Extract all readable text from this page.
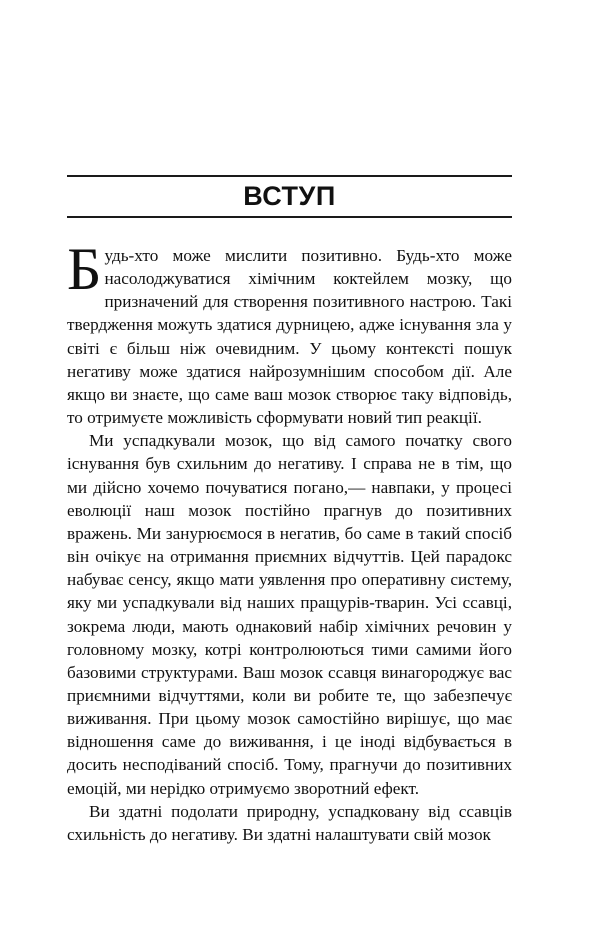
ВСТУП

Будь-хто може мислити позитивно. Будь-хто може насолоджуватися хімічним коктейлем мозку, що призначений для створення позитивного настрою. Такі твердження можуть здатися дурницею, адже існування зла у світі є більш ніж очевидним. У цьому контексті пошук негативу може здатися найрозумнішим способом дії. Але якщо ви знаєте, що саме ваш мозок створює таку відповідь, то отримуєте можливість сформувати новий тип реакції.

Ми успадкували мозок, що від самого початку свого існування був схильним до негативу. І справа не в тім, що ми дійсно хочемо почуватися погано,— навпаки, у процесі еволюції наш мозок постійно прагнув до позитивних вражень. Ми занурюємося в негатив, бо саме в такий спосіб він очікує на отримання приємних відчуттів. Цей парадокс набуває сенсу, якщо мати уявлення про оперативну систему, яку ми успадкували від наших пращурів-тварин. Усі ссавці, зокрема люди, мають однаковий набір хімічних речовин у головному мозку, котрі контролюються тими самими його базовими структурами. Ваш мозок ссавця винагороджує вас приємними відчуттями, коли ви робите те, що забезпечує виживання. При цьому мозок самостійно вирішує, що має відношення саме до виживання, і це іноді відбувається в досить несподіваний спосіб. Тому, прагнучи до позитивних емоцій, ми нерідко отримуємо зворотний ефект.

Ви здатні подолати природну, успадковану від ссавців схильність до негативу. Ви здатні налаштувати свій мозок
